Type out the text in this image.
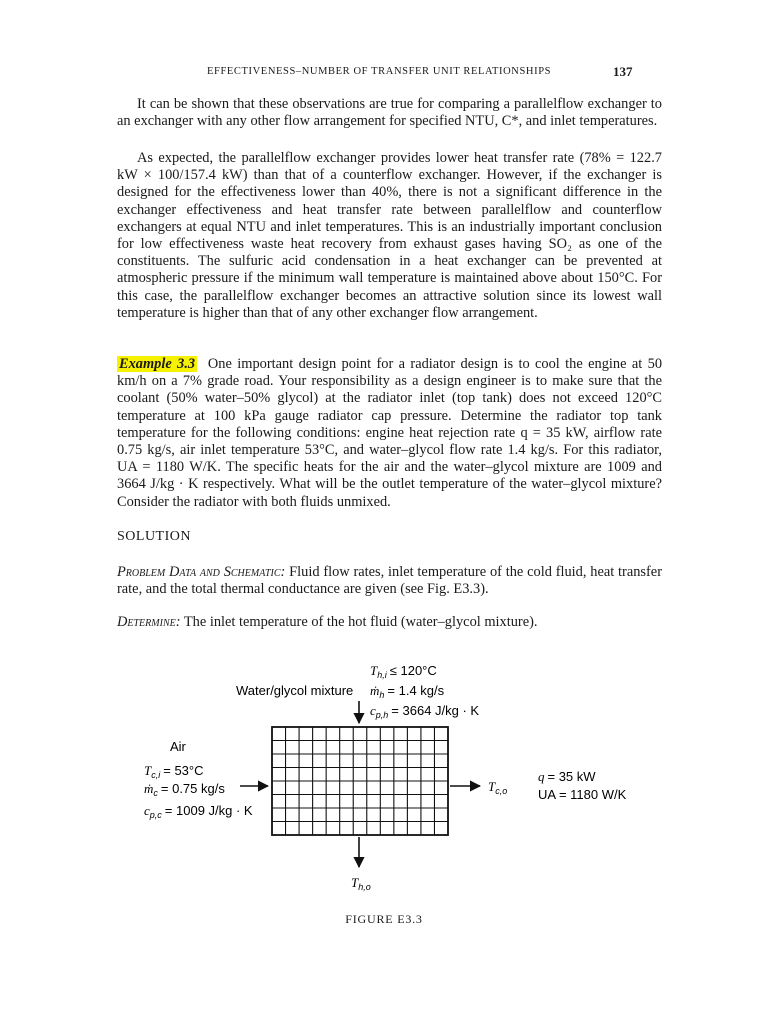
EFFECTIVENESS–NUMBER OF TRANSFER UNIT RELATIONSHIPS	137

It can be shown that these observations are true for comparing a parallelflow exchanger to an exchanger with any other flow arrangement for specified NTU, C*, and inlet temperatures.

As expected, the parallelflow exchanger provides lower heat transfer rate (78% = 122.7 kW × 100/157.4 kW) than that of a counterflow exchanger. However, if the exchanger is designed for the effectiveness lower than 40%, there is not a significant difference in the exchanger effectiveness and heat transfer rate between parallelflow and counterflow exchangers at equal NTU and inlet temperatures. This is an industrially important conclusion for low effectiveness waste heat recovery from exhaust gases having SO₂ as one of the constituents. The sulfuric acid condensation in a heat exchanger can be prevented at atmospheric pressure if the minimum wall temperature is maintained above about 150°C. For this case, the parallelflow exchanger becomes an attractive solution since its lowest wall temperature is higher than that of any other exchanger flow arrangement.

Example 3.3 One important design point for a radiator design is to cool the engine at 50 km/h on a 7% grade road. Your responsibility as a design engineer is to make sure that the coolant (50% water–50% glycol) at the radiator inlet (top tank) does not exceed 120°C temperature at 100 kPa gauge radiator cap pressure. Determine the radiator top tank temperature for the following conditions: engine heat rejection rate q = 35 kW, airflow rate 0.75 kg/s, air inlet temperature 53°C, and water–glycol flow rate 1.4 kg/s. For this radiator, UA = 1180 W/K. The specific heats for the air and the water–glycol mixture are 1009 and 3664 J/kg · K respectively. What will be the outlet temperature of the water–glycol mixture? Consider the radiator with both fluids unmixed.

SOLUTION

Problem Data and Schematic: Fluid flow rates, inlet temperature of the cold fluid, heat transfer rate, and the total thermal conductance are given (see Fig. E3.3).

Determine: The inlet temperature of the hot fluid (water–glycol mixture).

$T_{h,i} \le 120^\circ C$
Water/glycol mixture ṁ$_h$ = 1.4 kg/s
$c_{p,h} = 3664$ J/kg · K
Air
$T_{c,i} = 53^\circ C$
ṁ$_c$ = 0.75 kg/s
$c_{p,c} = 1009$ J/kg · K
$T_{c,o}$
q = 35 kW
UA = 1180 W/K
$T_{h,o}$
FIGURE E3.3
